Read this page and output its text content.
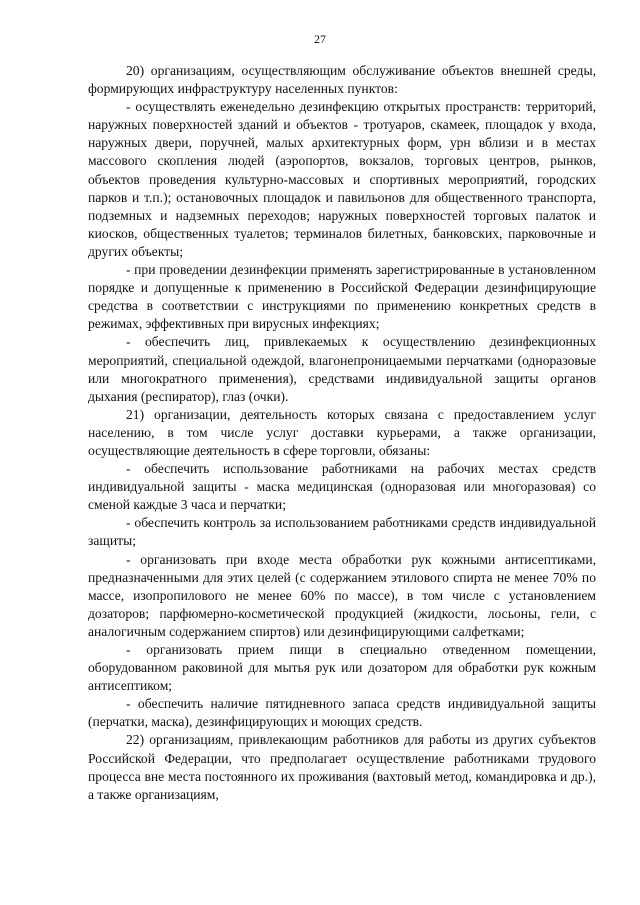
27

20) организациям, осуществляющим обслуживание объектов внешней среды, формирующих инфраструктуру населенных пунктов:

- осуществлять еженедельно дезинфекцию открытых пространств: территорий, наружных поверхностей зданий и объектов - тротуаров, скамеек, площадок у входа, наружных двери, поручней, малых архитектурных форм, урн вблизи и в местах массового скопления людей (аэропортов, вокзалов, торговых центров, рынков, объектов проведения культурно-массовых и спортивных мероприятий, городских парков и т.п.); остановочных площадок и павильонов для общественного транспорта, подземных и надземных переходов; наружных поверхностей торговых палаток и киосков, общественных туалетов; терминалов билетных, банковских, парковочные и других объекты;

- при проведении дезинфекции применять зарегистрированные в установленном порядке и допущенные к применению в Российской Федерации дезинфицирующие средства в соответствии с инструкциями по применению конкретных средств в режимах, эффективных при вирусных инфекциях;

- обеспечить лиц, привлекаемых к осуществлению дезинфекционных мероприятий, специальной одеждой, влагонепроницаемыми перчатками (одноразовые или многократного применения), средствами индивидуальной защиты органов дыхания (респиратор), глаз (очки).

21) организации, деятельность которых связана с предоставлением услуг населению, в том числе услуг доставки курьерами, а также организации, осуществляющие деятельность в сфере торговли, обязаны:

- обеспечить использование работниками на рабочих местах средств индивидуальной защиты - маска медицинская (одноразовая или многоразовая) со сменой каждые 3 часа и перчатки;

- обеспечить контроль за использованием работниками средств индивидуальной защиты;

- организовать при входе места обработки рук кожными антисептиками, предназначенными для этих целей (с содержанием этилового спирта не менее 70% по массе, изопропилового не менее 60% по массе), в том числе с установлением дозаторов; парфюмерно-косметической продукцией (жидкости, лосьоны, гели, с аналогичным содержанием спиртов) или дезинфицирующими салфетками;

- организовать прием пищи в специально отведенном помещении, оборудованном раковиной для мытья рук или дозатором для обработки рук кожным антисептиком;

- обеспечить наличие пятидневного запаса средств индивидуальной защиты (перчатки, маска), дезинфицирующих и моющих средств.

22) организациям, привлекающим работников для работы из других субъектов Российской Федерации, что предполагает осуществление работниками трудового процесса вне места постоянного их проживания (вахтовый метод, командировка и др.), а также организациям,
